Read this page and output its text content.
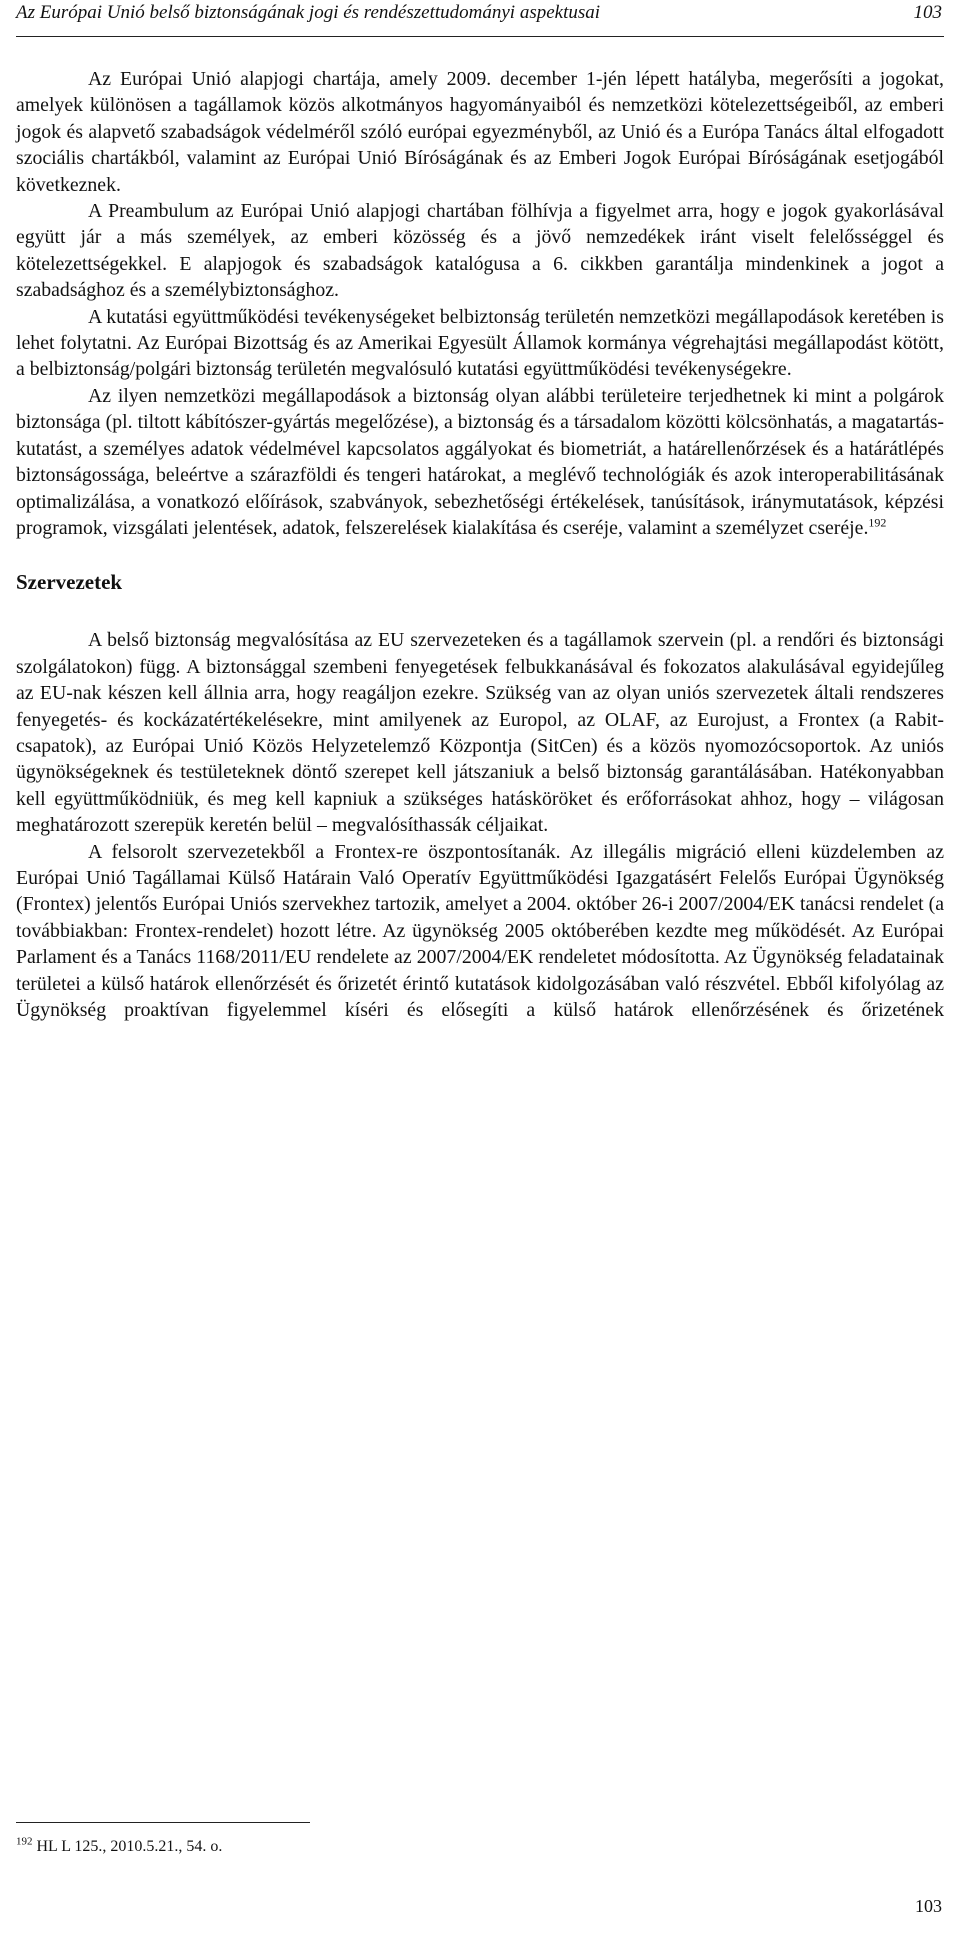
Az Európai Unió belső biztonságának jogi és rendészettudományi aspektusai	103

Az Európai Unió alapjogi chartája, amely 2009. december 1-jén lépett hatályba, megerősíti a jogokat, amelyek különösen a tagállamok közös alkotmányos hagyományaiból és nemzetközi kötelezettségeiből, az emberi jogok és alapvető szabadságok védelméről szóló európai egyezményből, az Unió és a Európa Tanács által elfogadott szociális chartákból, valamint az Európai Unió Bíróságának és az Emberi Jogok Európai Bíróságának esetjogából következnek.

A Preambulum az Európai Unió alapjogi chartában fölhívja a figyelmet arra, hogy e jogok gyakorlásával együtt jár a más személyek, az emberi közösség és a jövő nemzedékek iránt viselt felelősséggel és kötelezettségekkel. E alapjogok és szabadságok katalógusa a 6. cikkben garantálja mindenkinek a jogot a szabadsághoz és a személybiztonsághoz.

A kutatási együttműködési tevékenységeket belbiztonság területén nemzetközi megállapodások keretében is lehet folytatni. Az Európai Bizottság és az Amerikai Egyesült Államok kormánya végrehajtási megállapodást kötött, a belbiztonság/polgári biztonság területén megvalósuló kutatási együttműködési tevékenységekre.

Az ilyen nemzetközi megállapodások a biztonság olyan alábbi területeire terjedhetnek ki mint a polgárok biztonsága (pl. tiltott kábítószer-gyártás megelőzése), a biztonság és a társadalom közötti kölcsönhatás, a magatartás-kutatást, a személyes adatok védelmével kapcsolatos aggályokat és biometriát, a határellenőrzések és a határátlépés biztonságossága, beleértve a szárazföldi és tengeri határokat, a meglévő technológiák és azok interoperabilitásának optimalizálása, a vonatkozó előírások, szabványok, sebezhetőségi értékelések, tanúsítások, iránymutatások, képzési programok, vizsgálati jelentések, adatok, felszerelések kialakítása és cseréje, valamint a személyzet cseréje.$^{192}$

Szervezetek

A belső biztonság megvalósítása az EU szervezeteken és a tagállamok szervein (pl. a rendőri és biztonsági szolgálatokon) függ. A biztonsággal szembeni fenyegetések felbukkanásával és fokozatos alakulásával egyidejűleg az EU-nak készen kell állnia arra, hogy reagáljon ezekre. Szükség van az olyan uniós szervezetek általi rendszeres fenyegetés- és kockázatértékelésekre, mint amilyenek az Europol, az OLAF, az Eurojust, a Frontex (a Rabit-csapatok), az Európai Unió Közös Helyzetelemző Központja (SitCen) és a közös nyomozócsoportok. Az uniós ügynökségeknek és testületeknek döntő szerepet kell játszaniuk a belső biztonság garantálásában. Hatékonyabban kell együttműködniük, és meg kell kapniuk a szükséges hatásköröket és erőforrásokat ahhoz, hogy – világosan meghatározott szerepük keretén belül – megvalósíthassák céljaikat.

A felsorolt szervezetekből a Frontex-re öszpontosítanák. Az illegális migráció elleni küzdelemben az Európai Unió Tagállamai Külső Határain Való Operatív Együttműködési Igazgatásért Felelős Európai Ügynökség (Frontex) jelentős Európai Uniós szervekhez tartozik, amelyet a 2004. október 26-i 2007/2004/EK tanácsi rendelet (a továbbiakban: Frontex-rendelet) hozott létre. Az ügynökség 2005 októberében kezdte meg működését. Az Európai Parlament és a Tanács 1168/2011/EU rendelete az 2007/2004/EK rendeletet módosította. Az Ügynökség feladatainak területei a külső határok ellenőrzését és őrizetét érintő kutatások kidolgozásában való részvétel. Ebből kifolyólag az Ügynökség proaktívan figyelemmel kíséri és elősegíti a külső határok ellenőrzésének és őrizetének

$^{192}$ HL L 125., 2010.5.21., 54. o.
103
